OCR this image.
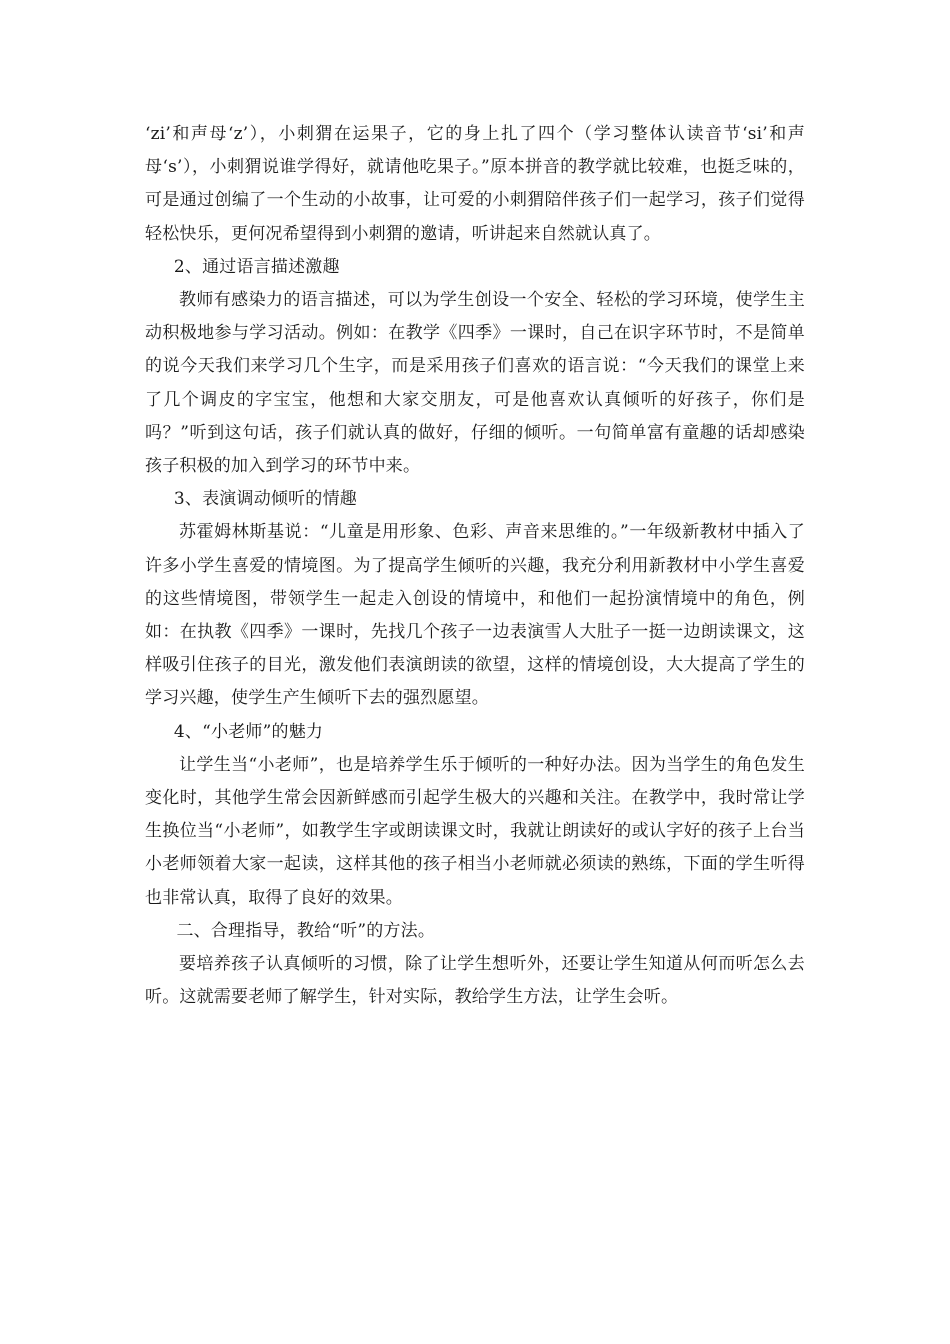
‘zi’和声母‘z’），小刺猬在运果子，它的身上扎了四个（学习整体认读音节‘si’和声母‘s’），小刺猬说谁学得好，就请他吃果子。”原本拼音的教学就比较难，也挺乏味的，可是通过创编了一个生动的小故事，让可爱的小刺猬陪伴孩子们一起学习，孩子们觉得轻松快乐，更何况希望得到小刺猬的邀请，听讲起来自然就认真了。

2、通过语言描述激趣

教师有感染力的语言描述，可以为学生创设一个安全、轻松的学习环境，使学生主动积极地参与学习活动。例如：在教学《四季》一课时，自己在识字环节时，不是简单的说今天我们来学习几个生字，而是采用孩子们喜欢的语言说：“今天我们的课堂上来了几个调皮的字宝宝，他想和大家交朋友，可是他喜欢认真倾听的好孩子，你们是吗？”听到这句话，孩子们就认真的做好，仔细的倾听。一句简单富有童趣的话却感染孩子积极的加入到学习的环节中来。

3、表演调动倾听的情趣

苏霍姆林斯基说：“儿童是用形象、色彩、声音来思维的。”一年级新教材中插入了许多小学生喜爱的情境图。为了提高学生倾听的兴趣，我充分利用新教材中小学生喜爱的这些情境图，带领学生一起走入创设的情境中，和他们一起扮演情境中的角色，例如：在执教《四季》一课时，先找几个孩子一边表演雪人大肚子一挺一边朗读课文，这样吸引住孩子的目光，激发他们表演朗读的欲望，这样的情境创设，大大提高了学生的学习兴趣，使学生产生倾听下去的强烈愿望。

4、“小老师”的魅力

让学生当“小老师”，也是培养学生乐于倾听的一种好办法。因为当学生的角色发生变化时，其他学生常会因新鲜感而引起学生极大的兴趣和关注。在教学中，我时常让学生换位当“小老师”，如教学生字或朗读课文时，我就让朗读好的或认字好的孩子上台当小老师领着大家一起读，这样其他的孩子相当小老师就必须读的熟练，下面的学生听得也非常认真，取得了良好的效果。

二、合理指导，教给“听”的方法。

要培养孩子认真倾听的习惯，除了让学生想听外，还要让学生知道从何而听怎么去听。这就需要老师了解学生，针对实际，教给学生方法，让学生会听。
